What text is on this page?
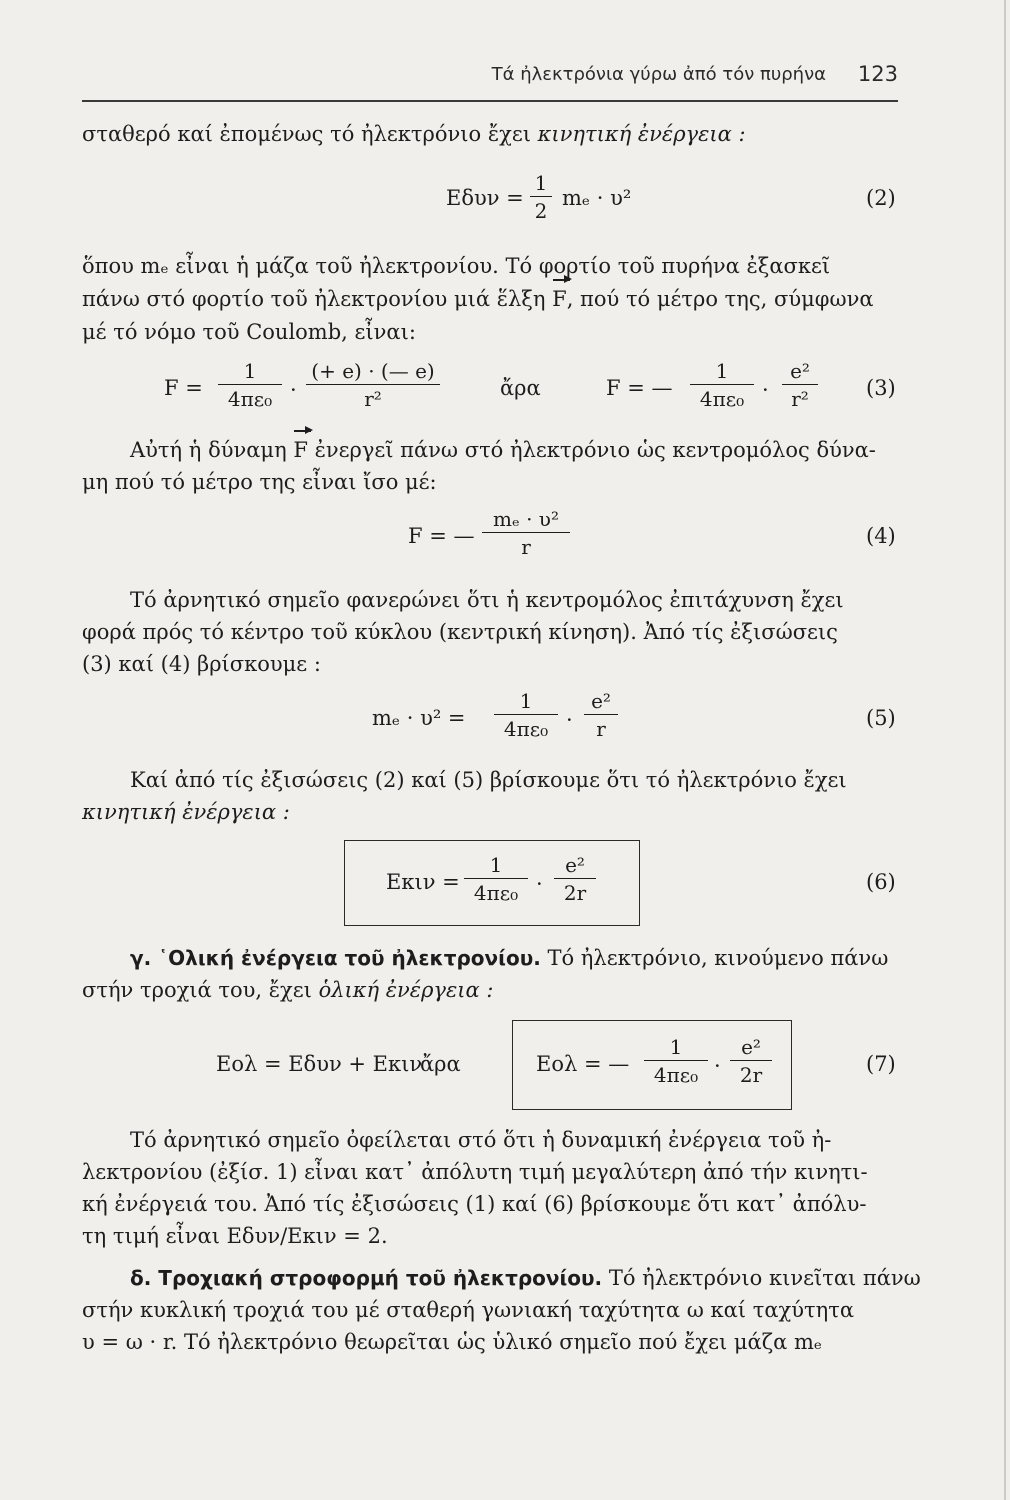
Tά ἠλεκτρόνια γύρω ἀπό τόν πυρήνα 123
σταθερό καί ἐπομένως τό ἠλεκτρόνιο ἔχει κινητική ἐνέργεια :
$E\delta\upsilon\nu = \frac{1}{2}$ mₑ · υ²	(2)
ὅπου mₑ εἶναι ἡ μάζα τοῦ ἠλεκτρονίου. Tό φορτίο τοῦ πυρήνα ἐξασκεῖ
πάνω στό φορτίο τοῦ ἠλεκτρονίου μιά ἕλξη F, πού τό μέτρο της, σύμφωνα
μέ τό νόμο τοῦ Coulomb, εἶναι:
$F = \frac{1}{\text{4πε₀}} \cdot \frac{(+ e) \cdot (— e)}{\text{r²}}$	ἄρα	F = — $\frac{1}{\text{4πε₀}} \cdot \frac{\text{e²}}{\text{r²}} (3)$
Aὐτή ἡ δύναμη F ἐνεργεῖ πάνω στό ἠλεκτρόνιο ὡς κεντρομόλος δύνα-
μη πού τό μέτρο της εἶναι ἴσο μέ:
F = — $\frac{\text{mₑ · υ²}}{r}$	(4)
Tό ἀρνητικό σημεῖο φανερώνει ὅτι ἡ κεντρομόλος ἐπιτάχυνση ἔχει
φορά πρός τό κέντρο τοῦ κύκλου (κεντρική κίνηση). Ἀπό τίς ἐξισώσεις
(3) καί (4) βρίσκουμε :
$m_e \cdot \upsilon^2 = \frac{1}{\text{4πε₀}} \cdot \frac{\text{e²}}{r}$	(5)
Kαί ἀπό τίς ἐξισώσεις (2) καί (5) βρίσκουμε ὅτι τό ἠλεκτρόνιο ἔχει
κινητική ἐνέργεια :
$E\kappa\iota\nu = \frac{1}{\text{4πε₀}} \cdot \frac{\text{e²}}{2r}$	(6)
γ. ῾Oλική ἐνέργεια τοῦ ἠλεκτρονίου. Tό ἠλεκτρόνιο, κινούμενο πάνω
στήν τροχιά του, ἔχει ὁλική ἐνέργεια :
Eολ = Eδυν + Eκιν
ἄρα	Eολ = — $\frac{1}{\text{4πε₀}} \cdot \frac{\text{e²}}{2r}$	(7)
Tό ἀρνητικό σημεῖο ὀφείλεται στό ὅτι ἡ δυναμική ἐνέργεια τοῦ ἠ-
λεκτρονίου (ἐξίσ. 1) εἶναι κατ᾽ ἀπόλυτη τιμή μεγαλύτερη ἀπό τήν κινητι-
κή ἐνέργειά του. Ἀπό τίς ἐξισώσεις (1) καί (6) βρίσκουμε ὅτι κατ᾽ ἀπόλυ-
τη τιμή εἶναι Eδυν/Eκιν = 2.
δ. Tροχιακή στροφορμή τοῦ ἠλεκτρονίου. Tό ἠλεκτρόνιο κινεῖται πάνω
στήν κυκλική τροχιά του μέ σταθερή γωνιακή ταχύτητα ω καί ταχύτητα
υ = ω · r. Tό ἠλεκτρόνιο θεωρεῖται ὡς ὑλικό σημεῖο πού ἔχει μάζα mₑ
